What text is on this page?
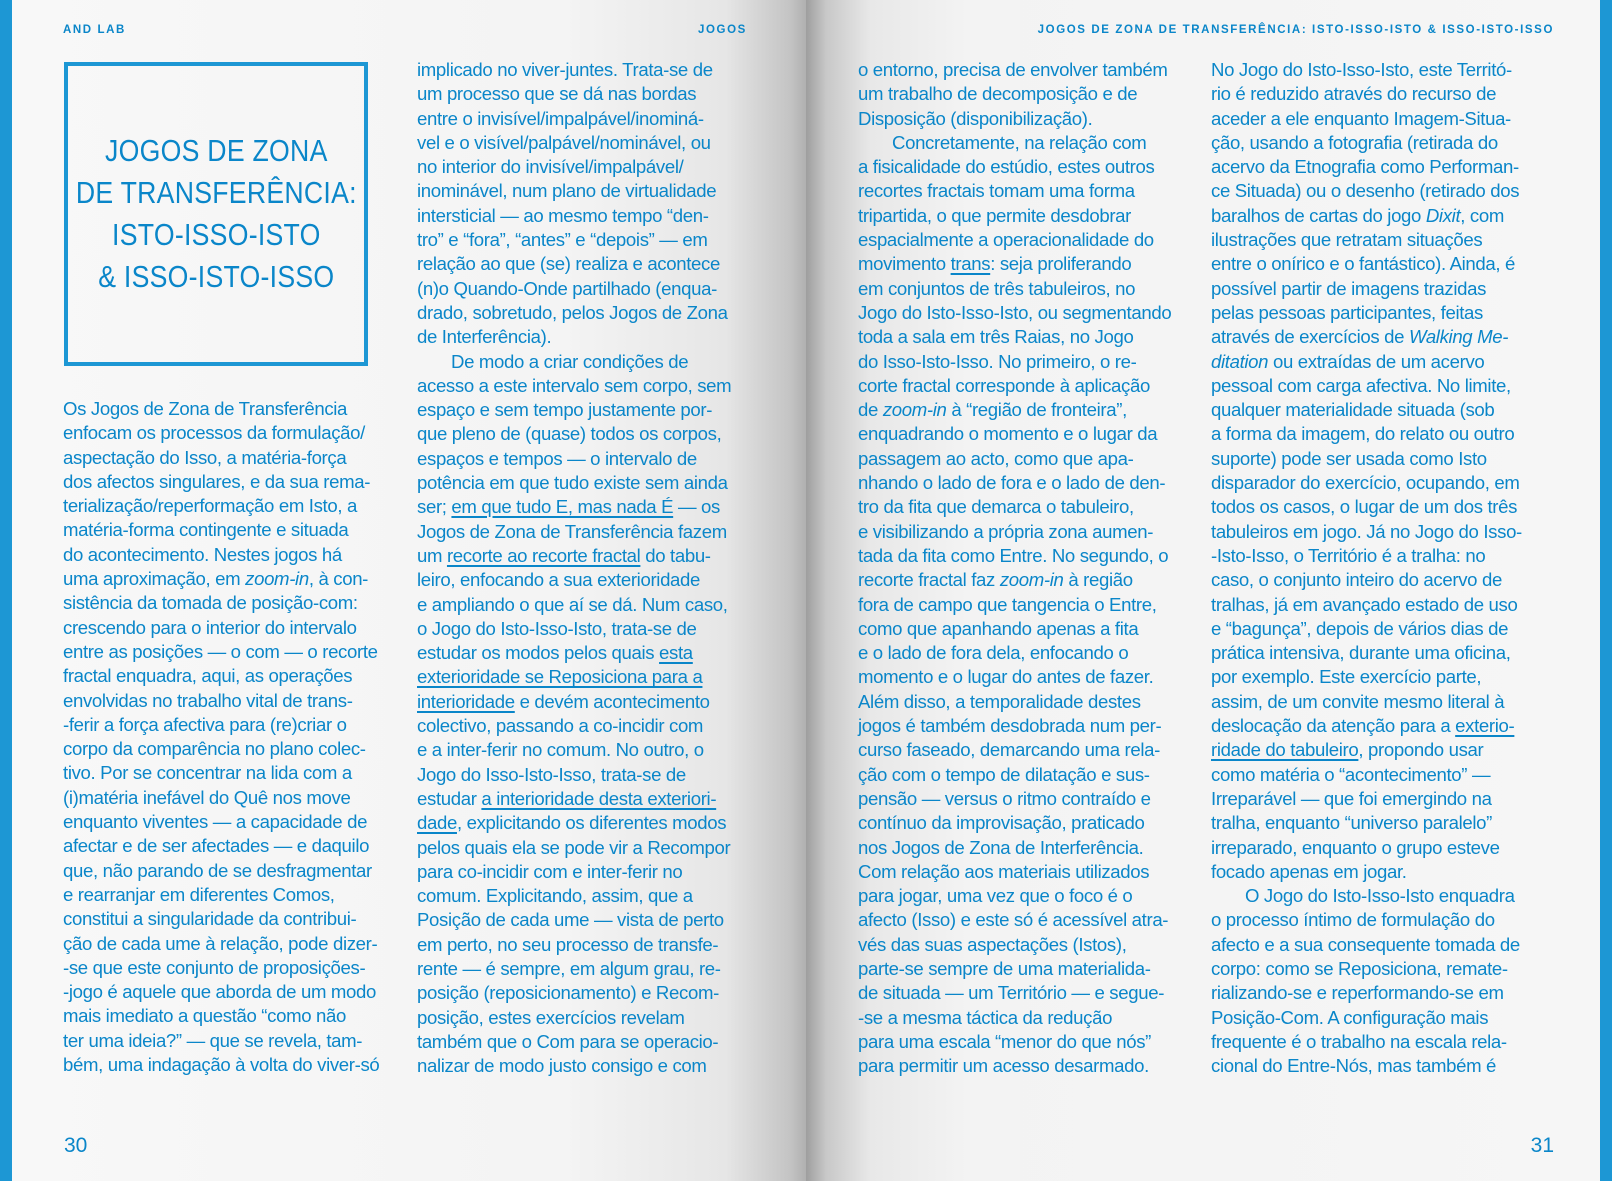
AND LAB	JOGOS
JOGOS DE ZONA
DE TRANSFERÊNCIA:
ISTO-ISSO-ISTO
& ISSO-ISTO-ISSO
Os Jogos de Zona de Transferência
enfocam os processos da formulação/
aspectação do Isso, a matéria-força
dos afectos singulares, e da sua rema-
terialização/reperformação em Isto, a
matéria-forma contingente e situada
do acontecimento. Nestes jogos há
uma aproximação, em zoom-in, à con-
sistência da tomada de posição-com:
crescendo para o interior do intervalo
entre as posições — o com — o recorte
fractal enquadra, aqui, as operações
envolvidas no trabalho vital de trans-
-ferir a força afectiva para (re)criar o
corpo da comparência no plano colec-
tivo. Por se concentrar na lida com a
(i)matéria inefável do Quê nos move
enquanto viventes — a capacidade de
afectar e de ser afectades — e daquilo
que, não parando de se desfragmentar
e rearranjar em diferentes Comos,
constitui a singularidade da contribui-
ção de cada ume à relação, pode dizer-
-se que este conjunto de proposições-
-jogo é aquele que aborda de um modo
mais imediato a questão “como não
ter uma ideia?” — que se revela, tam-
bém, uma indagação à volta do viver-só
implicado no viver-juntes. Trata-se de
um processo que se dá nas bordas
entre o invisível/impalpável/inominá-
vel e o visível/palpável/nominável, ou
no interior do invisível/impalpável/
inominável, num plano de virtualidade
intersticial — ao mesmo tempo “den-
tro” e “fora”, “antes” e “depois” — em
relação ao que (se) realiza e acontece
(n)o Quando-Onde partilhado (enqua-
drado, sobretudo, pelos Jogos de Zona
de Interferência).
De modo a criar condições de
acesso a este intervalo sem corpo, sem
espaço e sem tempo justamente por-
que pleno de (quase) todos os corpos,
espaços e tempos — o intervalo de
potência em que tudo existe sem ainda
ser; em que tudo E, mas nada É — os
Jogos de Zona de Transferência fazem
um recorte ao recorte fractal do tabu-
leiro, enfocando a sua exterioridade
e ampliando o que aí se dá. Num caso,
o Jogo do Isto-Isso-Isto, trata-se de
estudar os modos pelos quais esta
exterioridade se Reposiciona para a
interioridade e devém acontecimento
colectivo, passando a co-incidir com
e a inter-ferir no comum. No outro, o
Jogo do Isso-Isto-Isso, trata-se de
estudar a interioridade desta exteriori-
dade, explicitando os diferentes modos
pelos quais ela se pode vir a Recompor
para co-incidir com e inter-ferir no
comum. Explicitando, assim, que a
Posição de cada ume — vista de perto
em perto, no seu processo de transfe-
rente — é sempre, em algum grau, re-
posição (reposicionamento) e Recom-
posição, estes exercícios revelam
também que o Com para se operacio-
nalizar de modo justo consigo e com
30
JOGOS DE ZONA DE TRANSFERÊNCIA: ISTO-ISSO-ISTO & ISSO-ISTO-ISSO
o entorno, precisa de envolver também
um trabalho de decomposição e de
Disposição (disponibilização).
Concretamente, na relação com
a fisicalidade do estúdio, estes outros
recortes fractais tomam uma forma
tripartida, o que permite desdobrar
espacialmente a operacionalidade do
movimento trans: seja proliferando
em conjuntos de três tabuleiros, no
Jogo do Isto-Isso-Isto, ou segmentando
toda a sala em três Raias, no Jogo
do Isso-Isto-Isso. No primeiro, o re-
corte fractal corresponde à aplicação
de zoom-in à “região de fronteira”,
enquadrando o momento e o lugar da
passagem ao acto, como que apa-
nhando o lado de fora e o lado de den-
tro da fita que demarca o tabuleiro,
e visibilizando a própria zona aumen-
tada da fita como Entre. No segundo, o
recorte fractal faz zoom-in à região
fora de campo que tangencia o Entre,
como que apanhando apenas a fita
e o lado de fora dela, enfocando o
momento e o lugar do antes de fazer.
Além disso, a temporalidade destes
jogos é também desdobrada num per-
curso faseado, demarcando uma rela-
ção com o tempo de dilatação e sus-
pensão — versus o ritmo contraído e
contínuo da improvisação, praticado
nos Jogos de Zona de Interferência.
Com relação aos materiais utilizados
para jogar, uma vez que o foco é o
afecto (Isso) e este só é acessível atra-
vés das suas aspectações (Istos),
parte-se sempre de uma materialida-
de situada — um Território — e segue-
-se a mesma táctica da redução
para uma escala “menor do que nós”
para permitir um acesso desarmado.
No Jogo do Isto-Isso-Isto, este Territó-
rio é reduzido através do recurso de
aceder a ele enquanto Imagem-Situa-
ção, usando a fotografia (retirada do
acervo da Etnografia como Performan-
ce Situada) ou o desenho (retirado dos
baralhos de cartas do jogo Dixit, com
ilustrações que retratam situações
entre o onírico e o fantástico). Ainda, é
possível partir de imagens trazidas
pelas pessoas participantes, feitas
através de exercícios de Walking Me-
ditation ou extraídas de um acervo
pessoal com carga afectiva. No limite,
qualquer materialidade situada (sob
a forma da imagem, do relato ou outro
suporte) pode ser usada como Isto
disparador do exercício, ocupando, em
todos os casos, o lugar de um dos três
tabuleiros em jogo. Já no Jogo do Isso-
-Isto-Isso, o Território é a tralha: no
caso, o conjunto inteiro do acervo de
tralhas, já em avançado estado de uso
e “bagunça”, depois de vários dias de
prática intensiva, durante uma oficina,
por exemplo. Este exercício parte,
assim, de um convite mesmo literal à
deslocação da atenção para a exterio-
ridade do tabuleiro, propondo usar
como matéria o “acontecimento” —
Irreparável — que foi emergindo na
tralha, enquanto “universo paralelo”
irreparado, enquanto o grupo esteve
focado apenas em jogar.
O Jogo do Isto-Isso-Isto enquadra
o processo íntimo de formulação do
afecto e a sua consequente tomada de
corpo: como se Reposiciona, remate-
rializando-se e reperformando-se em
Posição-Com. A configuração mais
frequente é o trabalho na escala rela-
cional do Entre-Nós, mas também é
31
